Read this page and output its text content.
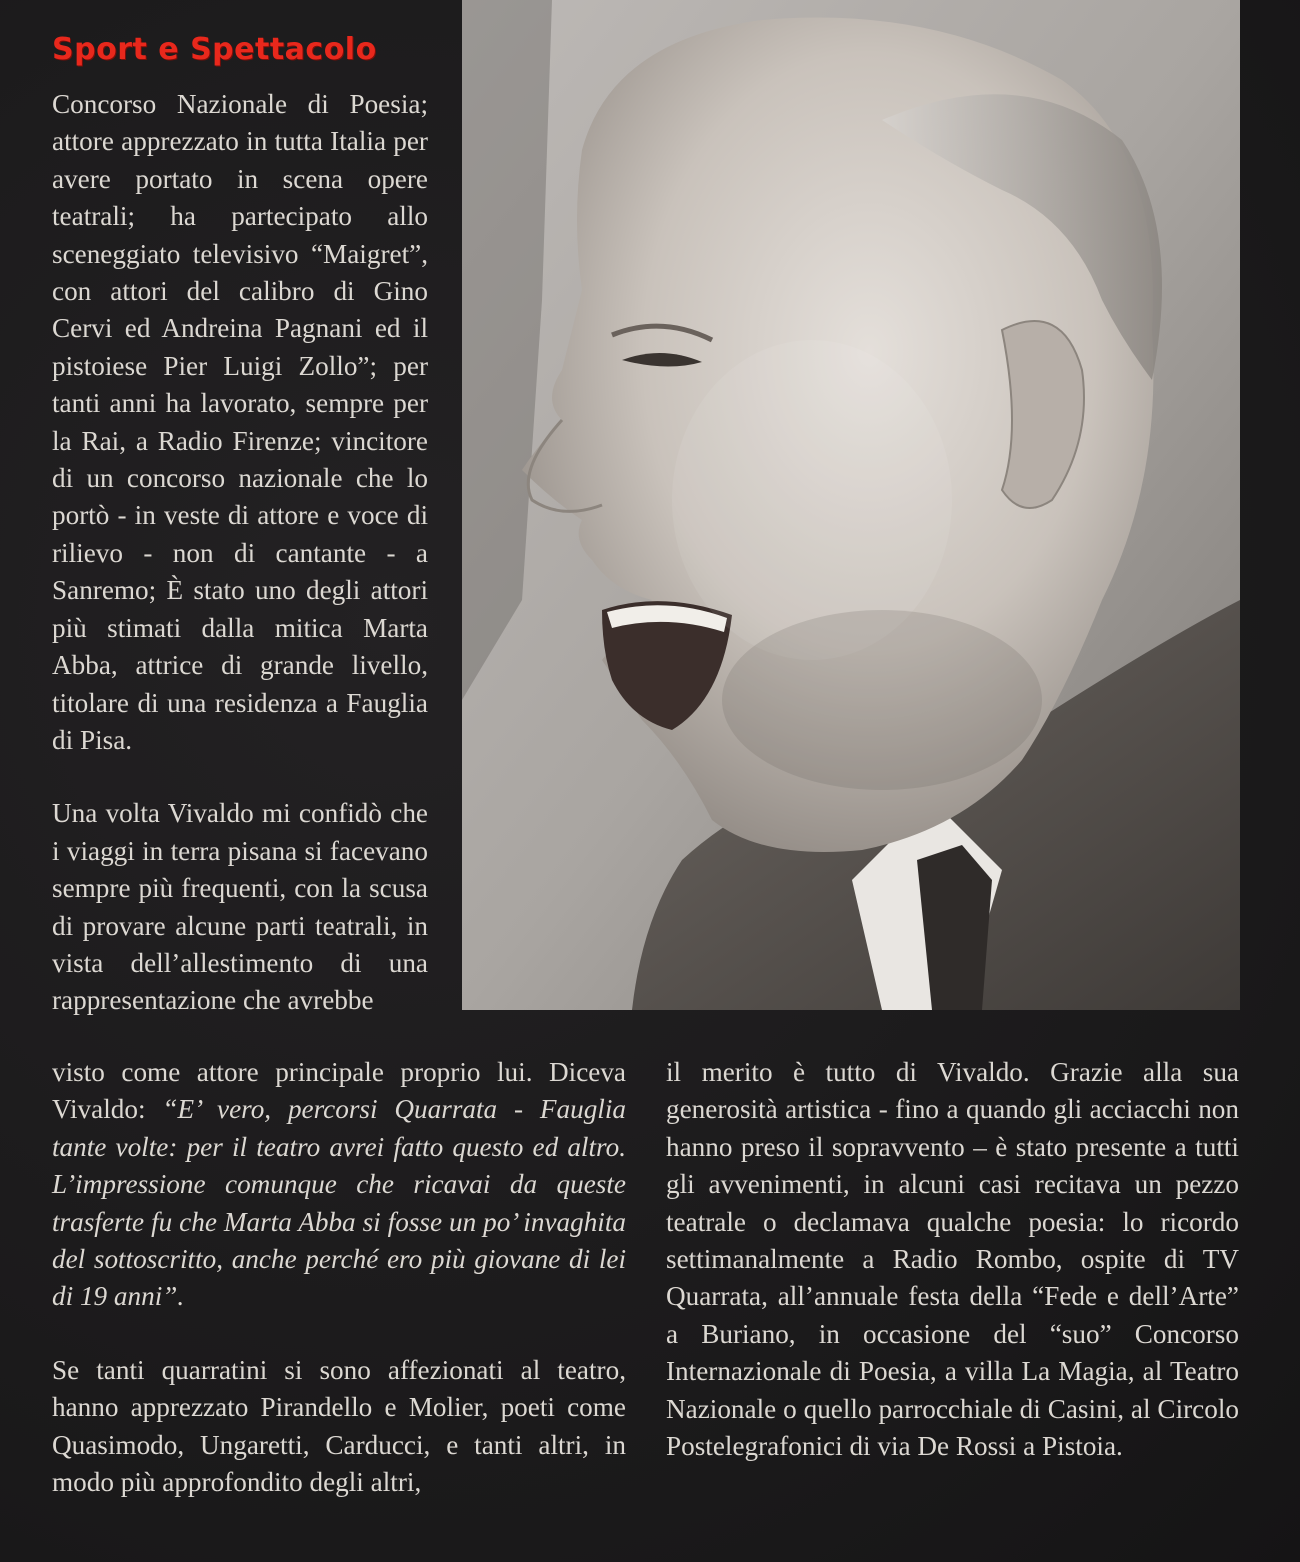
Sport e Spettacolo

Concorso Nazionale di Poesia; attore apprezzato in tutta Italia per avere portato in scena opere teatrali; ha partecipato allo sceneggiato televisivo “Maigret”, con attori del calibro di Gino Cervi ed Andreina Pagnani ed il pistoiese Pier Luigi Zollo”; per tanti anni ha lavorato, sempre per la Rai, a Radio Firenze; vincitore di un concorso nazionale che lo portò - in veste di attore e voce di rilievo - non di cantante - a Sanremo; È stato uno degli attori più stimati dalla mitica Marta Abba, attrice di grande livello, titolare di una residenza a Fauglia di Pisa.

Una volta Vivaldo mi confidò che i viaggi in terra pisana si facevano sempre più frequenti, con la scusa di provare alcune parti teatrali, in vista dell’allestimento di una rappresentazione che avrebbe

visto come attore principale proprio lui. Diceva Vivaldo: “E’ vero, percorsi Quarrata - Fauglia tante volte: per il teatro avrei fatto questo ed altro. L’impressione comunque che ricavai da queste trasferte fu che Marta Abba si fosse un po’ invaghita del sottoscritto, anche perché ero più giovane di lei di 19 anni”.

Se tanti quarratini si sono affezionati al teatro, hanno apprezzato Pirandello e Molier, poeti come Quasimodo, Ungaretti, Carducci, e tanti altri, in modo più approfondito degli altri,

il merito è tutto di Vivaldo. Grazie alla sua generosità artistica - fino a quando gli acciacchi non hanno preso il sopravvento – è stato presente a tutti gli avvenimenti, in alcuni casi recitava un pezzo teatrale o declamava qualche poesia: lo ricordo settimanalmente a Radio Rombo, ospite di TV Quarrata, all’annuale festa della “Fede e dell’Arte” a Buriano, in occasione del “suo” Concorso Internazionale di Poesia, a villa La Magia, al Teatro Nazionale o quello parrocchiale di Casini, al Circolo Postelegrafonici di via De Rossi a Pistoia.
